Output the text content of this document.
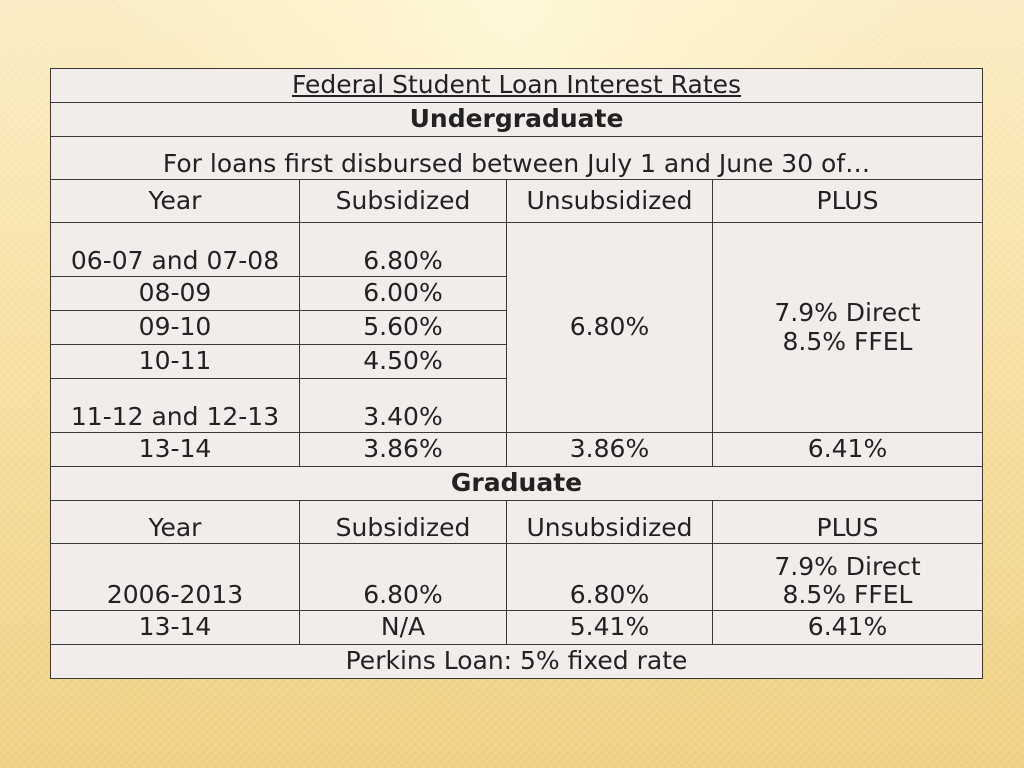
Federal Student Loan Interest Rates			
Undergraduate			
For loans first disbursed between July 1 and June 30 of…			
Year	Subsidized	Unsubsidized	PLUS
06-07 and 07-08	6.80%	6.80%	7.9% Direct
8.5% FFEL

08-09	6.00%		
09-10	5.60%		
10-11	4.50%		
11-12 and 12-13	3.40%		
13-14	3.86%	3.86%	6.41%
Graduate			
Year	Subsidized	Unsubsidized	PLUS
2006-2013	6.80%	6.80%	7.9% Direct
8.5% FFEL

13-14	N/A	5.41%	6.41%
Perkins Loan: 5% fixed rate			
